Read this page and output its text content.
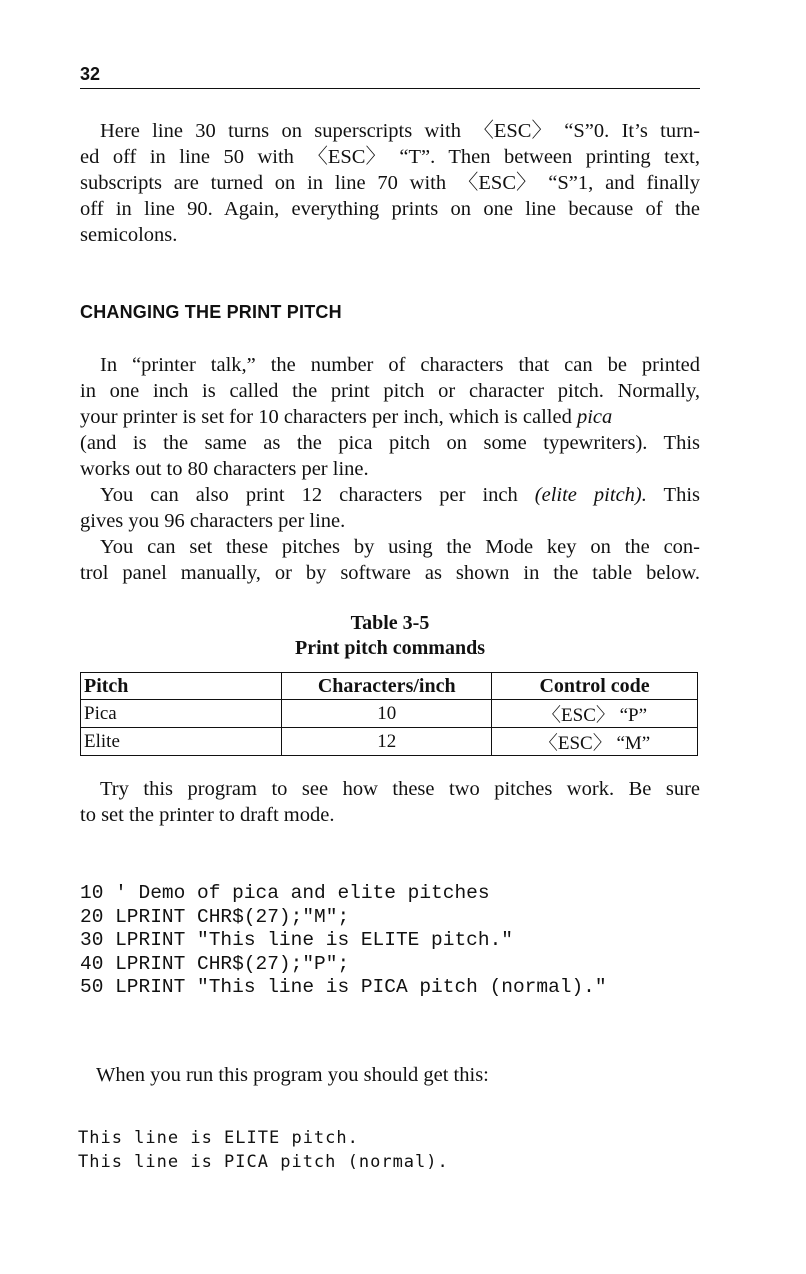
32
Here line 30 turns on superscripts with 〈ESC〉 “S”0. It’s turn-
ed off in line 50 with 〈ESC〉 “T”. Then between printing text,
subscripts are turned on in line 70 with 〈ESC〉 “S”1, and finally
off in line 90. Again, everything prints on one line because of the
semicolons.
CHANGING THE PRINT PITCH
In “printer talk,” the number of characters that can be printed
in one inch is called the print pitch or character pitch. Normally,
your printer is set for 10 characters per inch, which is called pica
(and is the same as the pica pitch on some typewriters). This
works out to 80 characters per line.
You can also print 12 characters per inch (elite pitch). This
gives you 96 characters per line.
You can set these pitches by using the Mode key on the con-
trol panel manually, or by software as shown in the table below.
Table 3-5
Print pitch commands
Pitch	Characters/inch	Control code
Pica	10	〈ESC〉 “P”
Elite	12	〈ESC〉 “M”
Try this program to see how these two pitches work. Be sure
to set the printer to draft mode.
10 ' Demo of pica and elite pitches
20 LPRINT CHR$(27);"M";
30 LPRINT "This line is ELITE pitch."
40 LPRINT CHR$(27);"P";
50 LPRINT "This line is PICA pitch (normal)."
When you run this program you should get this:
This line is ELITE pitch.
This line is PICA pitch (normal).
